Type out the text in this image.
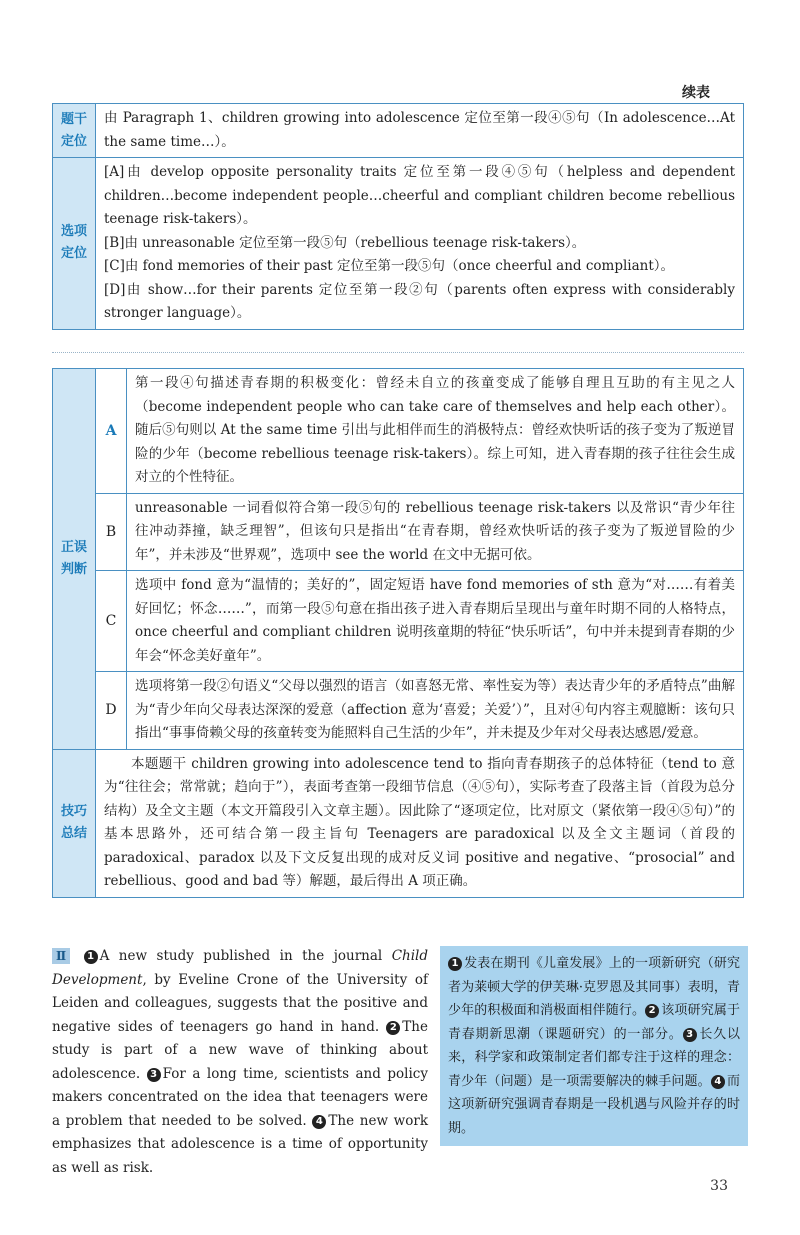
续表
题干定位	由 Paragraph 1、children growing into adolescence 定位至第一段④⑤句（In adolescence…At the same time…）。
选项定位	[A]由 develop opposite personality traits 定位至第一段④⑤句（helpless and dependent children…become independent people…cheerful and compliant children become rebellious teenage risk-takers）。

[B]由 unreasonable 定位至第一段⑤句（rebellious teenage risk-takers）。

[C]由 fond memories of their past 定位至第一段⑤句（once cheerful and compliant）。

[D]由 show…for their parents 定位至第一段②句（parents often express with considerably stronger language）。

正误判断	A	第一段④句描述青春期的积极变化：曾经未自立的孩童变成了能够自理且互助的有主见之人（become independent people who can take care of themselves and help each other）。随后⑤句则以 At the same time 引出与此相伴而生的消极特点：曾经欢快听话的孩子变为了叛逆冒险的少年（become rebellious teenage risk-takers）。综上可知，进入青春期的孩子往往会生成对立的个性特征。
	B	unreasonable 一词看似符合第一段⑤句的 rebellious teenage risk-takers 以及常识“青少年往往冲动莽撞，缺乏理智”，但该句只是指出“在青春期，曾经欢快听话的孩子变为了叛逆冒险的少年”，并未涉及“世界观”，选项中 see the world 在文中无据可依。
	C	选项中 fond 意为“温情的；美好的”，固定短语 have fond memories of sth 意为“对……有着美好回忆；怀念……”，而第一段⑤句意在指出孩子进入青春期后呈现出与童年时期不同的人格特点，once cheerful and compliant children 说明孩童期的特征“快乐听话”，句中并未提到青春期的少年会“怀念美好童年”。
	D	选项将第一段②句语义“父母以强烈的语言（如喜怒无常、率性妄为等）表达青少年的矛盾特点”曲解为“青少年向父母表达深深的爱意（affection 意为‘喜爱；关爱’）”，且对④句内容主观臆断：该句只指出“事事倚赖父母的孩童转变为能照料自己生活的少年”，并未提及少年对父母表达感恩/爱意。
技巧总结	本题题干 children growing into adolescence tend to 指向青春期孩子的总体特征（tend to 意为“往往会；常常就；趋向于”），表面考查第一段细节信息（④⑤句），实际考查了段落主旨（首段为总分结构）及全文主题（本文开篇段引入文章主题）。因此除了“逐项定位，比对原文（紧依第一段④⑤句）”的基本思路外，还可结合第一段主旨句 Teenagers are paradoxical 以及全文主题词（首段的 paradoxical、paradox 以及下文反复出现的成对反义词 positive and negative、“prosocial” and rebellious、good and bad 等）解题，最后得出 A 项正确。	
Ⅱ 1 A new study published in the journal Child Development, by Eveline Crone of the University of Leiden and colleagues, suggests that the positive and negative sides of teenagers go hand in hand. 2 The study is part of a new wave of thinking about adolescence. 3 For a long time, scientists and policy makers concentrated on the idea that teenagers were a problem that needed to be solved. 4 The new work emphasizes that adolescence is a time of opportunity as well as risk.
1 发表在期刊《儿童发展》上的一项新研究（研究者为莱顿大学的伊芙琳·克罗恩及其同事）表明，青少年的积极面和消极面相伴随行。 2 该项研究属于青春期新思潮（课题研究）的一部分。 3 长久以来，科学家和政策制定者们都专注于这样的理念：青少年（问题）是一项需要解决的棘手问题。 4 而这项新研究强调青春期是一段机遇与风险并存的时期。
33
